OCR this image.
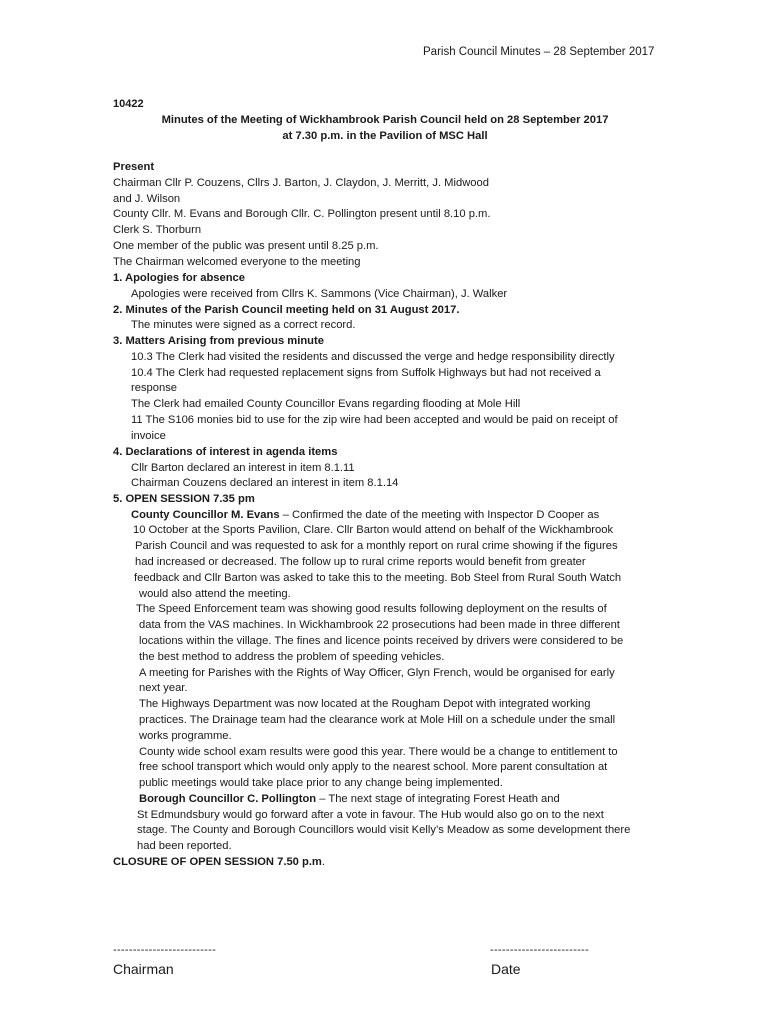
Parish Council Minutes – 28 September 2017
10422
Minutes of the Meeting of Wickhambrook Parish Council held on 28 September 2017
at 7.30 p.m. in the Pavilion of MSC Hall
Present
Chairman Cllr P. Couzens, Cllrs J. Barton, J. Claydon, J. Merritt, J. Midwood
and J. Wilson
County Cllr. M. Evans and Borough Cllr. C. Pollington present until 8.10 p.m.
Clerk S. Thorburn
One member of the public was present until 8.25 p.m.
The Chairman welcomed everyone to the meeting
1. Apologies for absence
Apologies were received from Cllrs K. Sammons (Vice Chairman), J. Walker
2. Minutes of the Parish Council meeting held on 31 August 2017.
The minutes were signed as a correct record.
3. Matters Arising from previous minute
10.3 The Clerk had visited the residents and discussed the verge and hedge responsibility directly
10.4 The Clerk had requested replacement signs from Suffolk Highways but had not received a
response
The Clerk had emailed County Councillor Evans regarding flooding at Mole Hill
11 The S106 monies bid to use for the zip wire had been accepted and would be paid on receipt of
invoice
4. Declarations of interest in agenda items
Cllr Barton declared an interest in item 8.1.11
Chairman Couzens declared an interest in item 8.1.14
5. OPEN SESSION 7.35 pm
County Councillor M. Evans – Confirmed the date of the meeting with Inspector D Cooper as
10 October at the Sports Pavilion, Clare. Cllr Barton would attend on behalf of the Wickhambrook
Parish Council and was requested to ask for a monthly report on rural crime showing if the figures
had increased or decreased. The follow up to rural crime reports would benefit from greater
feedback and Cllr Barton was asked to take this to the meeting. Bob Steel from Rural South Watch
would also attend the meeting.
The Speed Enforcement team was showing good results following deployment on the results of
data from the VAS machines. In Wickhambrook 22 prosecutions had been made in three different
locations within the village. The fines and licence points received by drivers were considered to be
the best method to address the problem of speeding vehicles.
A meeting for Parishes with the Rights of Way Officer, Glyn French, would be organised for early
next year.
The Highways Department was now located at the Rougham Depot with integrated working
practices. The Drainage team had the clearance work at Mole Hill on a schedule under the small
works programme.
County wide school exam results were good this year. There would be a change to entitlement to
free school transport which would only apply to the nearest school. More parent consultation at
public meetings would take place prior to any change being implemented.
Borough Councillor C. Pollington – The next stage of integrating Forest Heath and
St Edmundsbury would go forward after a vote in favour. The Hub would also go on to the next
stage. The County and Borough Councillors would visit Kelly’s Meadow as some development there
had been reported.
CLOSURE OF OPEN SESSION 7.50 p.m.
--------------------------	-------------------------
Chairman	Date
